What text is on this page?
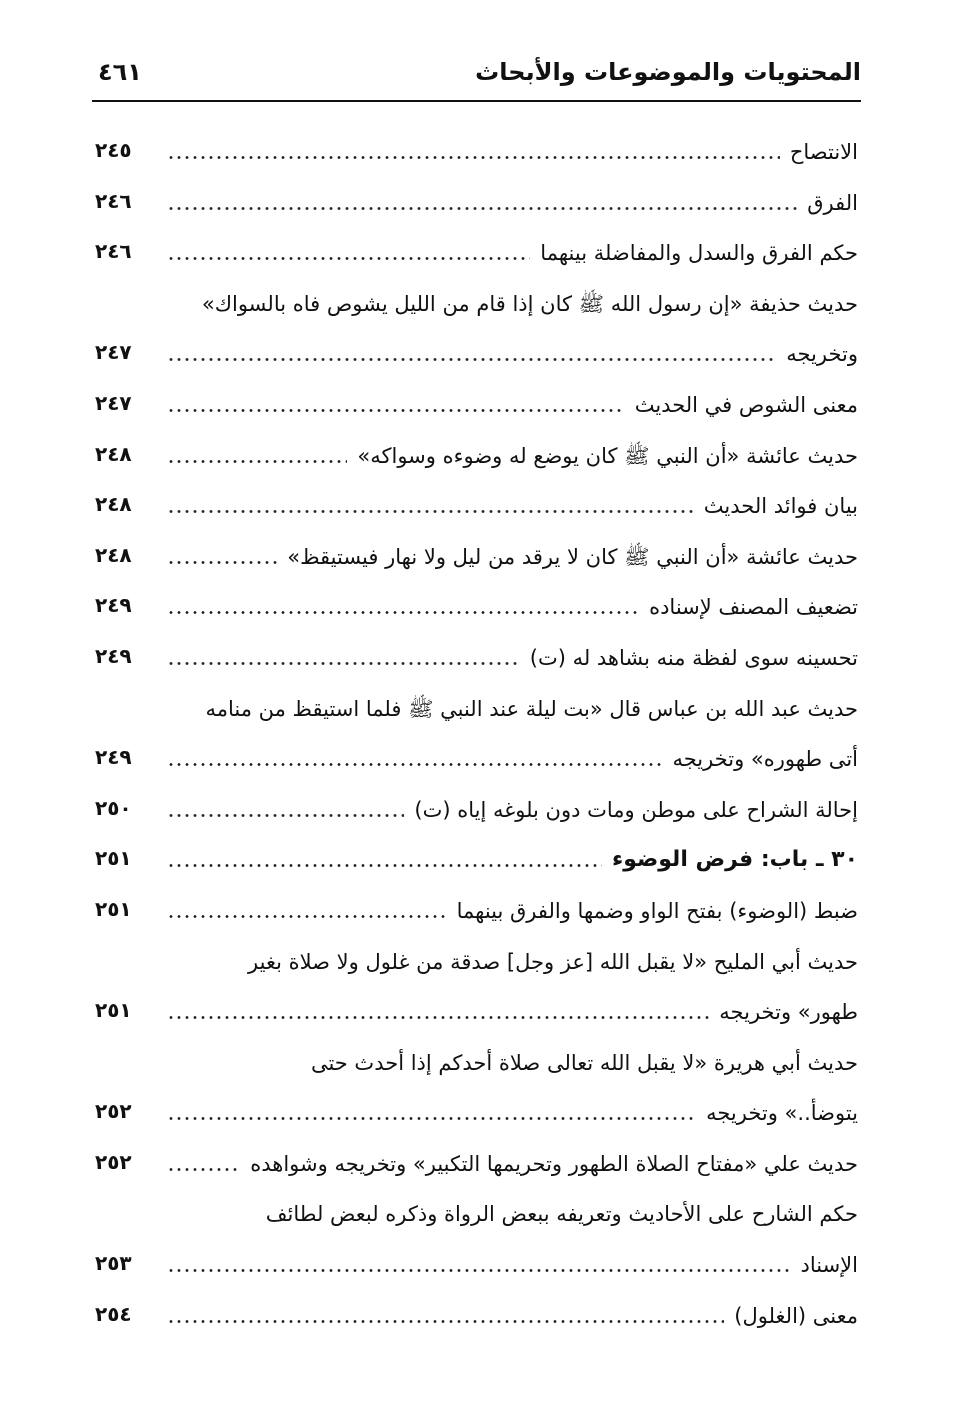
المحتويات والموضوعات والأبحاث
٤٦١
الانتصاح
٢٤٥
الفرق
٢٤٦
حكم الفرق والسدل والمفاضلة بينهما
٢٤٦
حديث حذيفة «إن رسول الله ﷺ كان إذا قام من الليل يشوص فاه بالسواك»
وتخريجه
٢٤٧
معنى الشوص في الحديث
٢٤٧
حديث عائشة «أن النبي ﷺ كان يوضع له وضوءه وسواكه»
٢٤٨
بيان فوائد الحديث
٢٤٨
حديث عائشة «أن النبي ﷺ كان لا يرقد من ليل ولا نهار فيستيقظ»
٢٤٨
تضعيف المصنف لإسناده
٢٤٩
تحسينه سوى لفظة منه بشاهد له (ت)
٢٤٩
حديث عبد الله بن عباس قال «بت ليلة عند النبي ﷺ فلما استيقظ من منامه
أتى طهوره» وتخريجه
٢٤٩
إحالة الشراح على موطن ومات دون بلوغه إياه (ت)
٢٥٠
٣٠ ـ باب: فرض الوضوء
٢٥١
ضبط (الوضوء) بفتح الواو وضمها والفرق بينهما
٢٥١
حديث أبي المليح «لا يقبل الله [عز وجل] صدقة من غلول ولا صلاة بغير
طهور» وتخريجه
٢٥١
حديث أبي هريرة «لا يقبل الله تعالى صلاة أحدكم إذا أحدث حتى
يتوضأ..» وتخريجه
٢٥٢
حديث علي «مفتاح الصلاة الطهور وتحريمها التكبير» وتخريجه وشواهده
٢٥٢
حكم الشارح على الأحاديث وتعريفه ببعض الرواة وذكره لبعض لطائف
الإسناد
٢٥٣
معنى (الغلول)
٢٥٤
